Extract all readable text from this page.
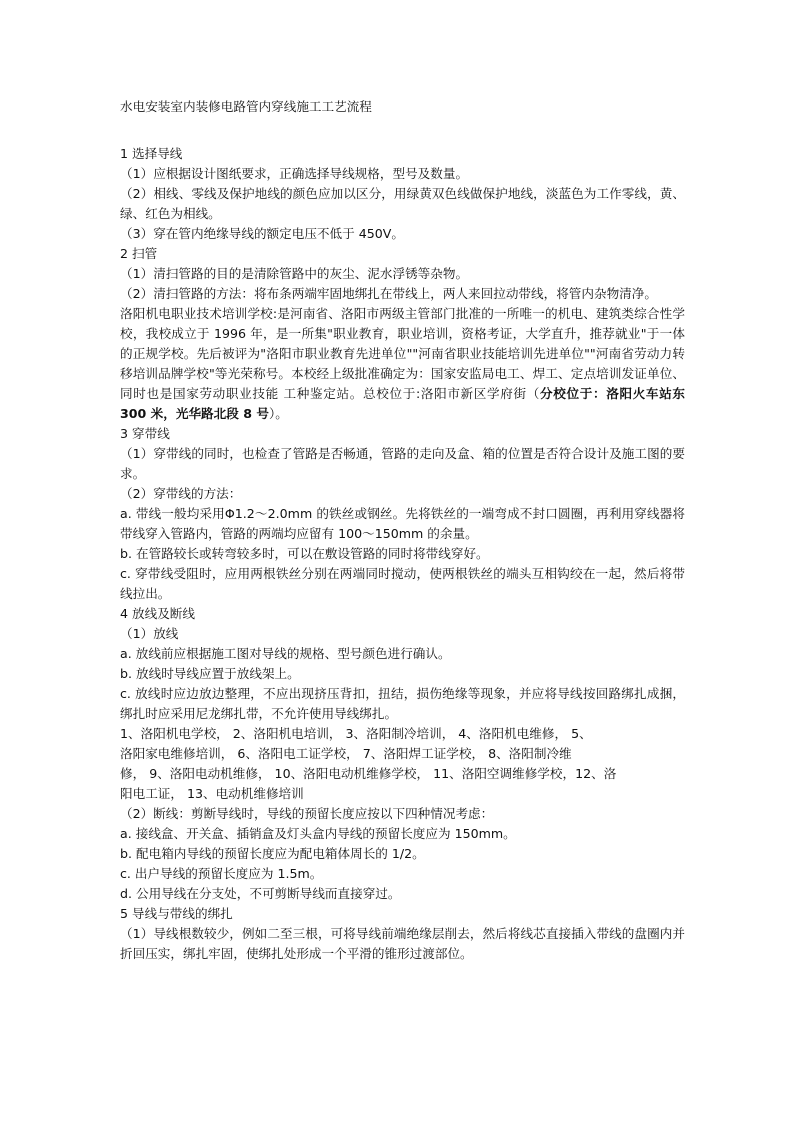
水电安装室内装修电路管内穿线施工工艺流程

1 选择导线

（1）应根据设计图纸要求，正确选择导线规格，型号及数量。

（2）相线、零线及保护地线的颜色应加以区分，用绿黄双色线做保护地线，淡蓝色为工作零线，黄、绿、红色为相线。

（3）穿在管内绝缘导线的额定电压不低于 450V。

2 扫管

（1）清扫管路的目的是清除管路中的灰尘、泥水浮锈等杂物。

（2）清扫管路的方法：将布条两端牢固地绑扎在带线上，两人来回拉动带线，将管内杂物清净。

洛阳机电职业技术培训学校:是河南省、洛阳市两级主管部门批准的一所唯一的机电、建筑类综合性学校，我校成立于 1996 年，是一所集"职业教育，职业培训，资格考证，大学直升，推荐就业"于一体的正规学校。先后被评为"洛阳市职业教育先进单位""河南省职业技能培训先进单位""河南省劳动力转移培训品牌学校"等光荣称号。本校经上级批准确定为：国家安监局电工、焊工、定点培训发证单位、同时也是国家劳动职业技能 工种鉴定站。总校位于:洛阳市新区学府街（分校位于：洛阳火车站东 300 米，光华路北段 8 号）。

3 穿带线

（1）穿带线的同时，也检查了管路是否畅通，管路的走向及盒、箱的位置是否符合设计及施工图的要求。

（2）穿带线的方法：

a. 带线一般均采用Φ1.2～2.0mm 的铁丝或钢丝。先将铁丝的一端弯成不封口圆圈，再利用穿线器将带线穿入管路内，管路的两端均应留有 100～150mm 的余量。

b. 在管路较长或转弯较多时，可以在敷设管路的同时将带线穿好。

c. 穿带线受阻时，应用两根铁丝分别在两端同时搅动，使两根铁丝的端头互相钩绞在一起，然后将带线拉出。

4 放线及断线

（1）放线

a. 放线前应根据施工图对导线的规格、型号颜色进行确认。

b. 放线时导线应置于放线架上。

c. 放线时应边放边整理，不应出现挤压背扣，扭结，损伤绝缘等现象，并应将导线按回路绑扎成捆，绑扎时应采用尼龙绑扎带，不允许使用导线绑扎。

1、洛阳机电学校， 2、洛阳机电培训， 3、洛阳制冷培训， 4、洛阳机电维修， 5、

洛阳家电维修培训， 6、洛阳电工证学校， 7、洛阳焊工证学校， 8、洛阳制冷维

修， 9、洛阳电动机维修， 10、洛阳电动机维修学校， 11、洛阳空调维修学校，12、洛

阳电工证， 13、电动机维修培训

（2）断线：剪断导线时，导线的预留长度应按以下四种情况考虑：

a. 接线盒、开关盒、插销盒及灯头盒内导线的预留长度应为 150mm。

b. 配电箱内导线的预留长度应为配电箱体周长的 1/2。

c. 出户导线的预留长度应为 1.5m。

d. 公用导线在分支处，不可剪断导线而直接穿过。

5 导线与带线的绑扎

（1）导线根数较少，例如二至三根，可将导线前端绝缘层削去，然后将线芯直接插入带线的盘圈内并折回压实，绑扎牢固，使绑扎处形成一个平滑的锥形过渡部位。
